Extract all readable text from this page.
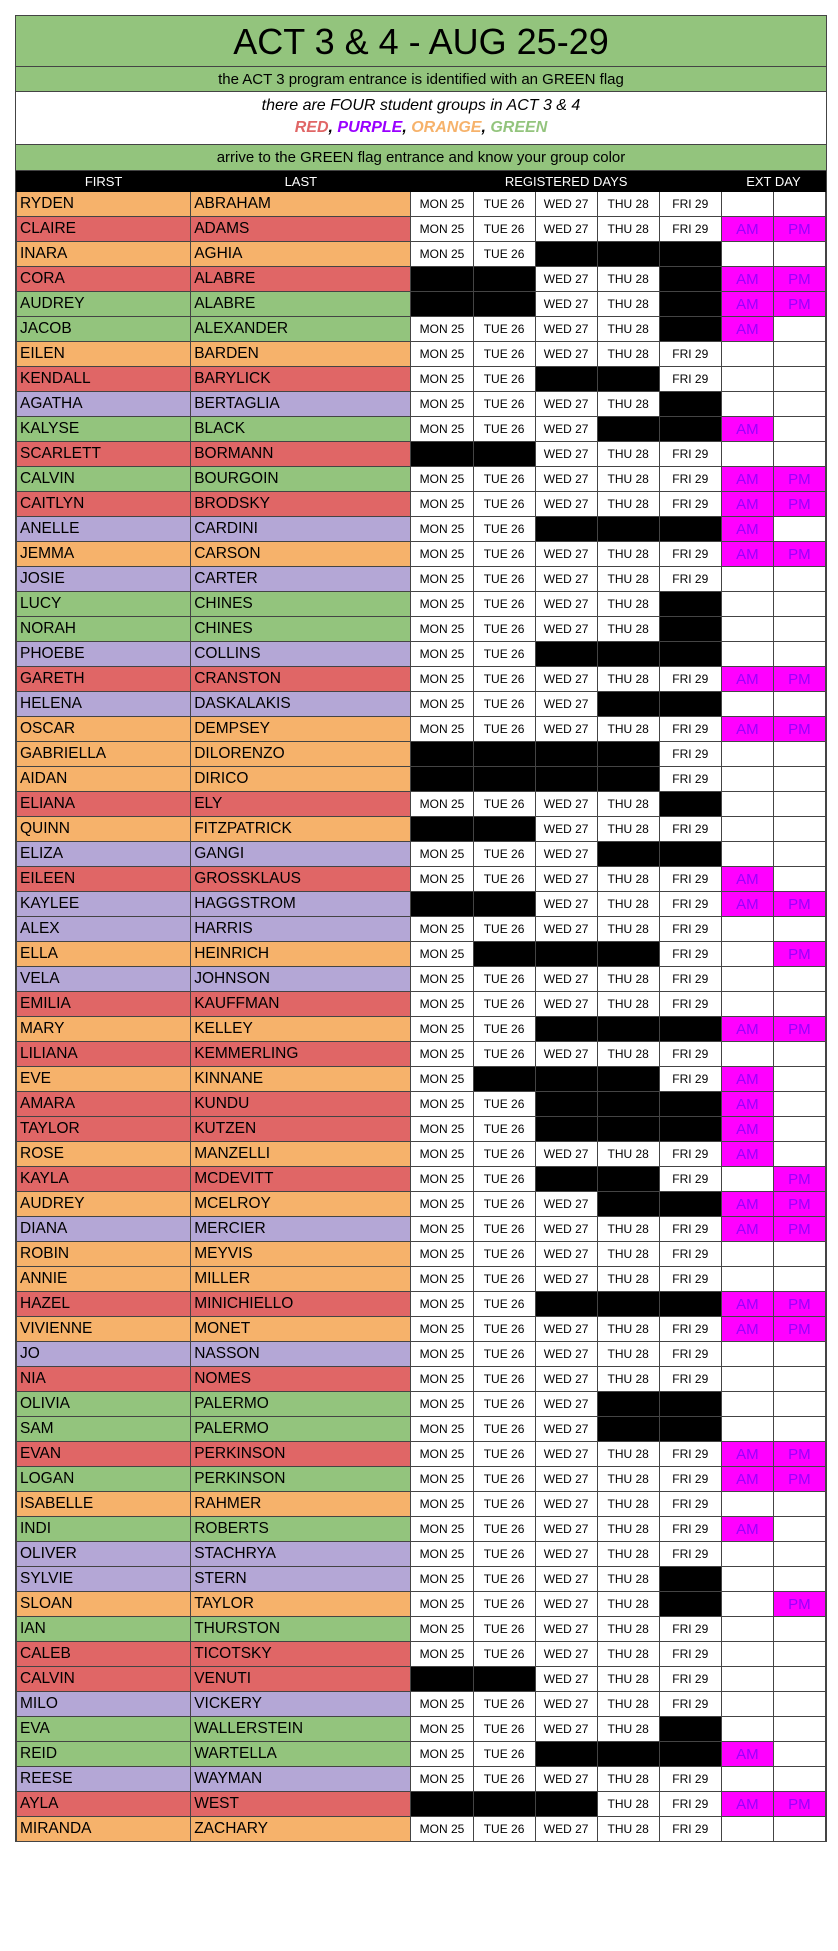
ACT 3 & 4 - AUG 25-29
the ACT 3 program entrance is identified with an GREEN flag
there are FOUR student groups in ACT 3 & 4
RED, PURPLE, ORANGE, GREEN
arrive to the GREEN flag entrance and know your group color
FIRST	LAST	REGISTERED DAYS					EXT DAY	
RYDEN	ABRAHAM	MON 25	TUE 26	WED 27	THU 28	FRI 29		
CLAIRE	ADAMS	MON 25	TUE 26	WED 27	THU 28	FRI 29	AM	PM
INARA	AGHIA	MON 25	TUE 26					
CORA	ALABRE			WED 27	THU 28		AM	PM
AUDREY	ALABRE			WED 27	THU 28		AM	PM
JACOB	ALEXANDER	MON 25	TUE 26	WED 27	THU 28		AM	
EILEN	BARDEN	MON 25	TUE 26	WED 27	THU 28	FRI 29		
KENDALL	BARYLICK	MON 25	TUE 26			FRI 29		
AGATHA	BERTAGLIA	MON 25	TUE 26	WED 27	THU 28			
KALYSE	BLACK	MON 25	TUE 26	WED 27			AM	
SCARLETT	BORMANN			WED 27	THU 28	FRI 29		
CALVIN	BOURGOIN	MON 25	TUE 26	WED 27	THU 28	FRI 29	AM	PM
CAITLYN	BRODSKY	MON 25	TUE 26	WED 27	THU 28	FRI 29	AM	PM
ANELLE	CARDINI	MON 25	TUE 26				AM	
JEMMA	CARSON	MON 25	TUE 26	WED 27	THU 28	FRI 29	AM	PM
JOSIE	CARTER	MON 25	TUE 26	WED 27	THU 28	FRI 29		
LUCY	CHINES	MON 25	TUE 26	WED 27	THU 28			
NORAH	CHINES	MON 25	TUE 26	WED 27	THU 28			
PHOEBE	COLLINS	MON 25	TUE 26					
GARETH	CRANSTON	MON 25	TUE 26	WED 27	THU 28	FRI 29	AM	PM
HELENA	DASKALAKIS	MON 25	TUE 26	WED 27				
OSCAR	DEMPSEY	MON 25	TUE 26	WED 27	THU 28	FRI 29	AM	PM
GABRIELLA	DILORENZO					FRI 29		
AIDAN	DIRICO					FRI 29		
ELIANA	ELY	MON 25	TUE 26	WED 27	THU 28			
QUINN	FITZPATRICK			WED 27	THU 28	FRI 29		
ELIZA	GANGI	MON 25	TUE 26	WED 27				
EILEEN	GROSSKLAUS	MON 25	TUE 26	WED 27	THU 28	FRI 29	AM	
KAYLEE	HAGGSTROM			WED 27	THU 28	FRI 29	AM	PM
ALEX	HARRIS	MON 25	TUE 26	WED 27	THU 28	FRI 29		
ELLA	HEINRICH	MON 25				FRI 29		PM
VELA	JOHNSON	MON 25	TUE 26	WED 27	THU 28	FRI 29		
EMILIA	KAUFFMAN	MON 25	TUE 26	WED 27	THU 28	FRI 29		
MARY	KELLEY	MON 25	TUE 26				AM	PM
LILIANA	KEMMERLING	MON 25	TUE 26	WED 27	THU 28	FRI 29		
EVE	KINNANE	MON 25				FRI 29	AM	
AMARA	KUNDU	MON 25	TUE 26				AM	
TAYLOR	KUTZEN	MON 25	TUE 26				AM	
ROSE	MANZELLI	MON 25	TUE 26	WED 27	THU 28	FRI 29	AM	
KAYLA	MCDEVITT	MON 25	TUE 26			FRI 29		PM
AUDREY	MCELROY	MON 25	TUE 26	WED 27			AM	PM
DIANA	MERCIER	MON 25	TUE 26	WED 27	THU 28	FRI 29	AM	PM
ROBIN	MEYVIS	MON 25	TUE 26	WED 27	THU 28	FRI 29		
ANNIE	MILLER	MON 25	TUE 26	WED 27	THU 28	FRI 29		
HAZEL	MINICHIELLO	MON 25	TUE 26				AM	PM
VIVIENNE	MONET	MON 25	TUE 26	WED 27	THU 28	FRI 29	AM	PM
JO	NASSON	MON 25	TUE 26	WED 27	THU 28	FRI 29		
NIA	NOMES	MON 25	TUE 26	WED 27	THU 28	FRI 29		
OLIVIA	PALERMO	MON 25	TUE 26	WED 27				
SAM	PALERMO	MON 25	TUE 26	WED 27				
EVAN	PERKINSON	MON 25	TUE 26	WED 27	THU 28	FRI 29	AM	PM
LOGAN	PERKINSON	MON 25	TUE 26	WED 27	THU 28	FRI 29	AM	PM
ISABELLE	RAHMER	MON 25	TUE 26	WED 27	THU 28	FRI 29		
INDI	ROBERTS	MON 25	TUE 26	WED 27	THU 28	FRI 29	AM	
OLIVER	STACHRYA	MON 25	TUE 26	WED 27	THU 28	FRI 29		
SYLVIE	STERN	MON 25	TUE 26	WED 27	THU 28			
SLOAN	TAYLOR	MON 25	TUE 26	WED 27	THU 28			PM
IAN	THURSTON	MON 25	TUE 26	WED 27	THU 28	FRI 29		
CALEB	TICOTSKY	MON 25	TUE 26	WED 27	THU 28	FRI 29		
CALVIN	VENUTI			WED 27	THU 28	FRI 29		
MILO	VICKERY	MON 25	TUE 26	WED 27	THU 28	FRI 29		
EVA	WALLERSTEIN	MON 25	TUE 26	WED 27	THU 28			
REID	WARTELLA	MON 25	TUE 26				AM	
REESE	WAYMAN	MON 25	TUE 26	WED 27	THU 28	FRI 29		
AYLA	WEST				THU 28	FRI 29	AM	PM
MIRANDA	ZACHARY	MON 25	TUE 26	WED 27	THU 28	FRI 29		
